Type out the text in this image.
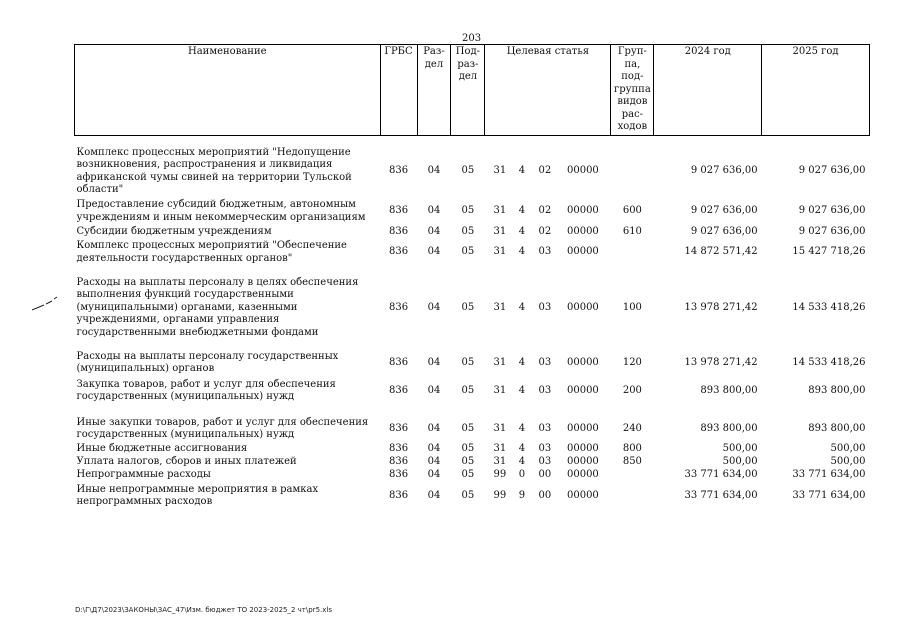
203
Наименование	ГРБС	Раз- дел	Под- раз- дел	Целевая статья	Груп- па, под- группа видов рас- ходов	2024 год	2025 год

Комплекс процессных мероприятий "Недопущение возникновения, распространения и ликвидация африканской чумы свиней на территории Тульской области"	836	04	05	31 4 02 00000		9 027 636,00	9 027 636,00
Предоставление субсидий бюджетным, автономным учреждениям и иным некоммерческим организациям	836	04	05	31 4 02 00000	600	9 027 636,00	9 027 636,00
Субсидии бюджетным учреждениям	836	04	05	31 4 02 00000	610	9 027 636,00	9 027 636,00
Комплекс процессных мероприятий "Обеспечение деятельности государственных органов"	836	04	05	31 4 03 00000		14 872 571,42	15 427 718,26

Расходы на выплаты персоналу в целях обеспечения выполнения функций государственными (муниципальными) органами, казенными учреждениями, органами управления государственными внебюджетными фондами	836	04	05	31 4 03 00000	100	13 978 271,42	14 533 418,26

Расходы на выплаты персоналу государственных (муниципальных) органов	836	04	05	31 4 03 00000	120	13 978 271,42	14 533 418,26
Закупка товаров, работ и услуг для обеспечения государственных (муниципальных) нужд	836	04	05	31 4 03 00000	200	893 800,00	893 800,00

Иные закупки товаров, работ и услуг для обеспечения государственных (муниципальных) нужд	836	04	05	31 4 03 00000	240	893 800,00	893 800,00
Иные бюджетные ассигнования	836	04	05	31 4 03 00000	800	500,00	500,00
Уплата налогов, сборов и иных платежей	836	04	05	31 4 03 00000	850	500,00	500,00
Непрограммные расходы	836	04	05	99 0 00 00000		33 771 634,00	33 771 634,00
Иные непрограммные мероприятия в рамках непрограммных расходов	836	04	05	99 9 00 00000		33 771 634,00	33 771 634,00
D:\Г\Д7\2023\ЗАКОНЫ\ЗАС_47\Изм. бюджет ТО 2023-2025_2 чт\pr5.xls
